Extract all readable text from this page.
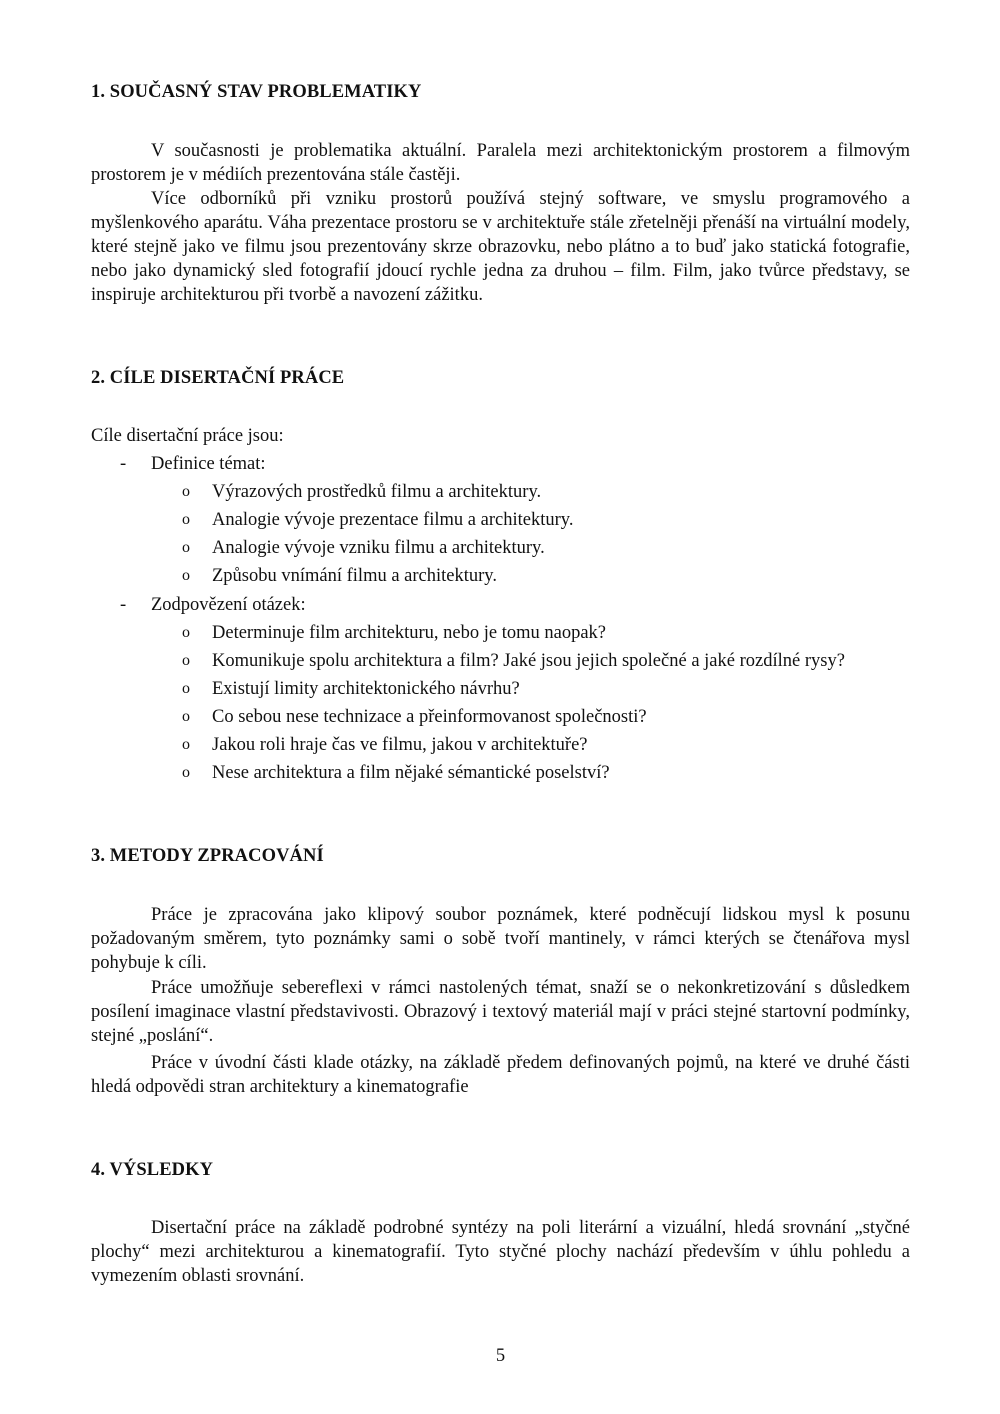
1. SOUČASNÝ STAV PROBLEMATIKY

V současnosti je problematika aktuální. Paralela mezi architektonickým prostorem a filmovým prostorem je v médiích prezentována stále častěji.

Více odborníků při vzniku prostorů používá stejný software, ve smyslu programového a myšlenkového aparátu. Váha prezentace prostoru se v architektuře stále zřetelněji přenáší na virtuální modely, které stejně jako ve filmu jsou prezentovány skrze obrazovku, nebo plátno a to buď jako statická fotografie, nebo jako dynamický sled fotografií jdoucí rychle jedna za druhou – film. Film, jako tvůrce představy, se inspiruje architekturou při tvorbě a navození zážitku.

2. CÍLE DISERTAČNÍ PRÁCE

Cíle disertační práce jsou:

- Definice témat:
o Výrazových prostředků filmu a architektury.
o Analogie vývoje prezentace filmu a architektury.
o Analogie vývoje vzniku filmu a architektury.
o Způsobu vnímání filmu a architektury.
- Zodpovězení otázek:
o Determinuje film architekturu, nebo je tomu naopak?
o Komunikuje spolu architektura a film? Jaké jsou jejich společné a jaké rozdílné rysy?
o Existují limity architektonického návrhu?
o Co sebou nese technizace a přeinformovanost společnosti?
o Jakou roli hraje čas ve filmu, jakou v architektuře?
o Nese architektura a film nějaké sémantické poselství?
3. METODY ZPRACOVÁNÍ

Práce je zpracována jako klipový soubor poznámek, které podněcují lidskou mysl k posunu požadovaným směrem, tyto poznámky sami o sobě tvoří mantinely, v rámci kterých se čtenářova mysl pohybuje k cíli.

Práce umožňuje sebereflexi v rámci nastolených témat, snaží se o nekonkretizování s důsledkem posílení imaginace vlastní představivosti. Obrazový i textový materiál mají v práci stejné startovní podmínky, stejné „poslání“.

Práce v úvodní části klade otázky, na základě předem definovaných pojmů, na které ve druhé části hledá odpovědi stran architektury a kinematografie

4. VÝSLEDKY

Disertační práce na základě podrobné syntézy na poli literární a vizuální, hledá srovnání „styčné plochy“ mezi architekturou a kinematografií. Tyto styčné plochy nachází především v úhlu pohledu a vymezením oblasti srovnání.

5
